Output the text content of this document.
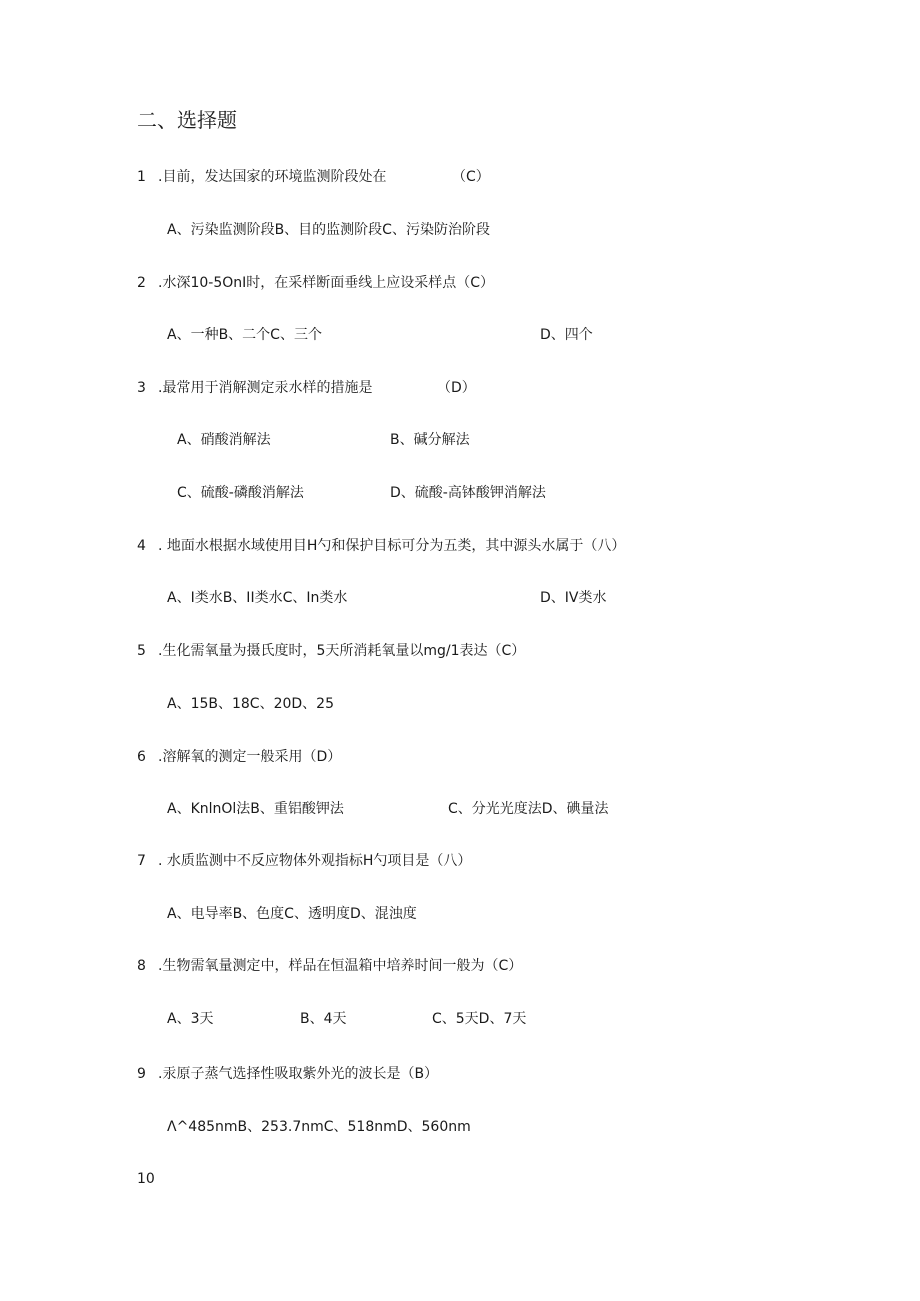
二、选择题
1 .目前，发达国家的环境监测阶段处在	（C）
A、污染监测阶段B、目的监测阶段C、污染防治阶段
2 .水深10-5OnI时，在采样断面垂线上应设采样点（C）
A、一种B、二个C、三个	D、四个
3 .最常用于消解测定汞水样的措施是	（D）
A、硝酸消解法	B、碱分解法
C、硫酸-磷酸消解法	D、硫酸-高钵酸钾消解法
4 . 地面水根据水域使用目H勺和保护目标可分为五类，其中源头水属于（八）
A、I类水B、II类水C、In类水	D、IV类水
5 .生化需氧量为摄氏度时，5天所消耗氧量以mg/1表达（C）
A、15B、18C、20D、25
6 .溶解氧的测定一般采用（D）
A、KnlnOl法B、重铝酸钾法	C、分光光度法D、碘量法
7 . 水质监测中不反应物体外观指标H勺项目是（八）
A、电导率B、色度C、透明度D、混浊度
8 .生物需氧量测定中，样品在恒温箱中培养时间一般为（C）
A、3天	B、4天	C、5天D、7天
9 .汞原子蒸气选择性吸取紫外光的波长是（B）
Λ^485nmB、253.7nmC、518nmD、560nm
10
